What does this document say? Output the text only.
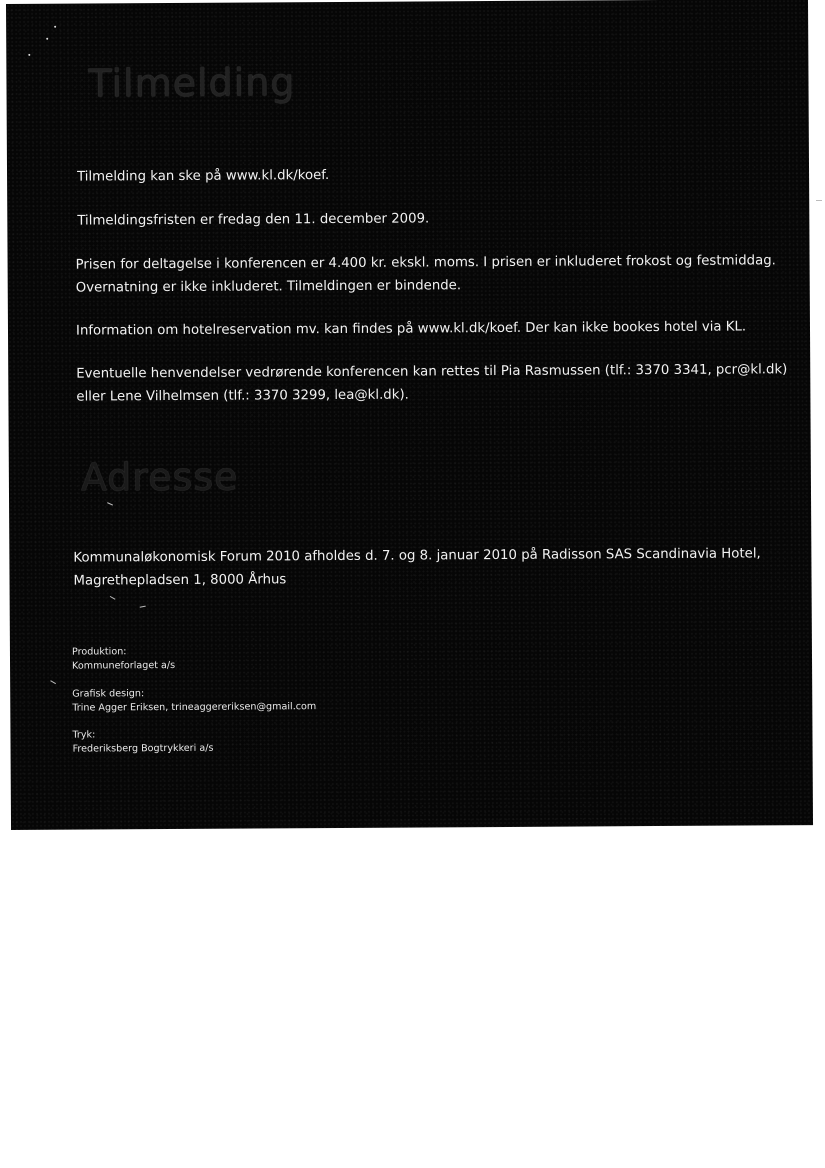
Tilmelding
Tilmelding kan ske på www.kl.dk/koef.
Tilmeldingsfristen er fredag den 11. december 2009.
Prisen for deltagelse i konferencen er 4.400 kr. ekskl. moms. I prisen er inkluderet frokost og festmiddag.
Overnatning er ikke inkluderet. Tilmeldingen er bindende.
Information om hotelreservation mv. kan findes på www.kl.dk/koef. Der kan ikke bookes hotel via KL.
Eventuelle henvendelser vedrørende konferencen kan rettes til Pia Rasmussen (tlf.: 3370 3341, pcr@kl.dk)
eller Lene Vilhelmsen (tlf.: 3370 3299, lea@kl.dk).
Adresse
Kommunaløkonomisk Forum 2010 afholdes d. 7. og 8. januar 2010 på Radisson SAS Scandinavia Hotel,
Magrethepladsen 1, 8000 Århus
Produktion:
Kommuneforlaget a/s
Grafisk design:
Trine Agger Eriksen, trineaggereriksen@gmail.com
Tryk:
Frederiksberg Bogtrykkeri a/s
